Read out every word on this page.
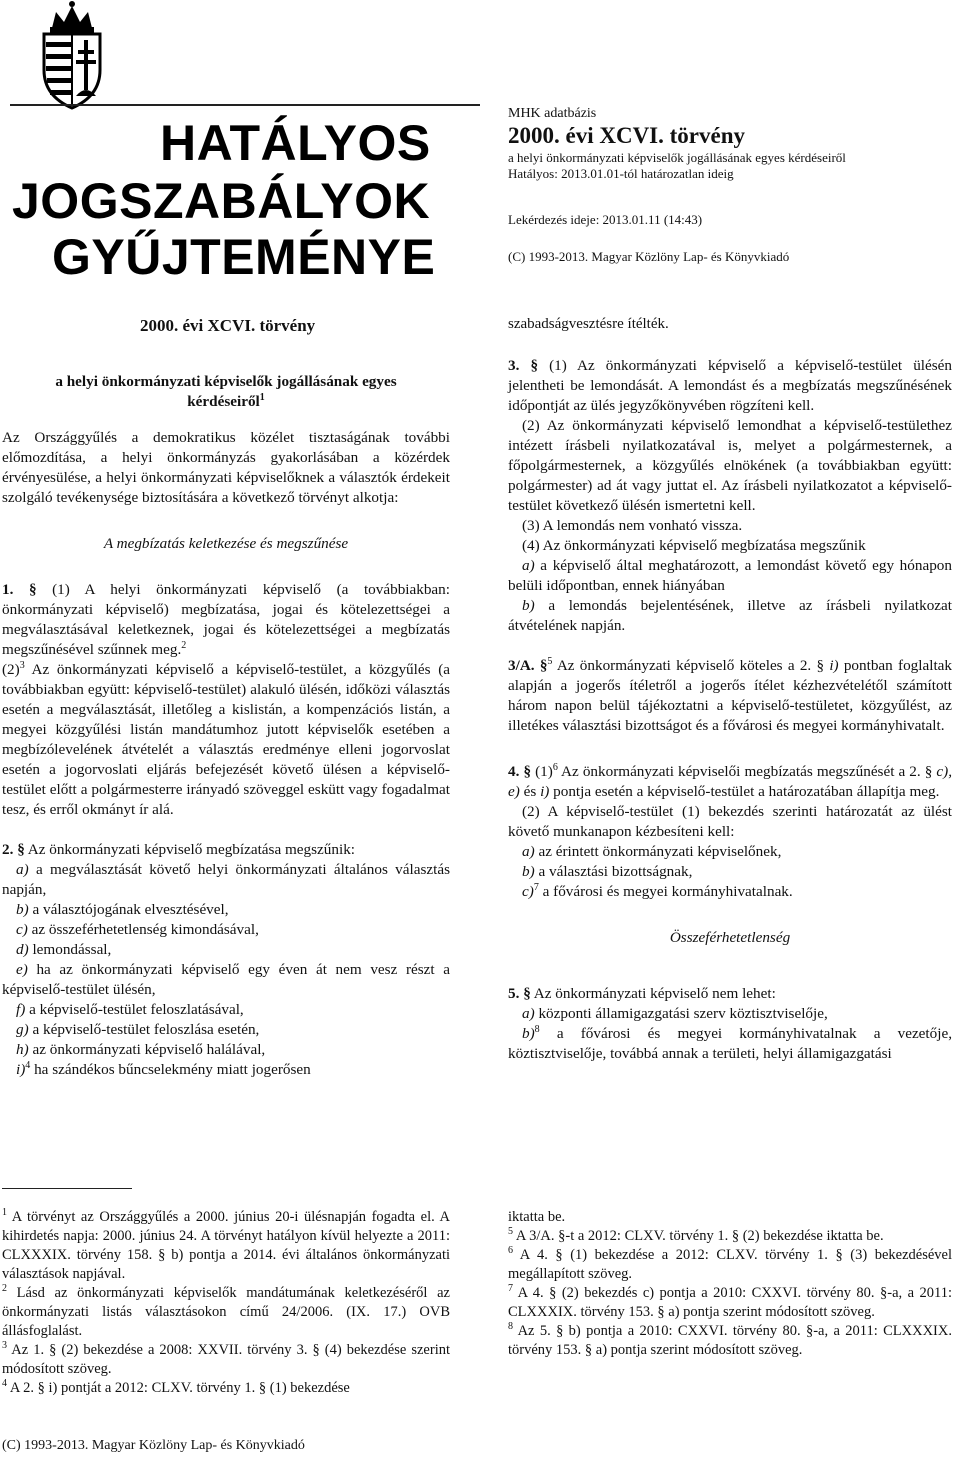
HATÁLYOS
JOGSZABÁLYOK
GYŰJTEMÉNYE
MHK adatbázis
2000. évi XCVI. törvény
a helyi önkormányzati képviselők jogállásának egyes kérdéseiről
Hatályos: 2013.01.01-tól határozatlan ideig
Lekérdezés ideje: 2013.01.11 (14:43)
(C) 1993-2013. Magyar Közlöny Lap- és Könyvkiadó
2000. évi XCVI. törvény	szabadságvesztésre ítélték.

a helyi önkormányzati képviselők jogállásának egyes
kérdéseiről$^1$

Az Országgyűlés a demokratikus közélet tisztaságának további előmozdítása, a helyi önkormányzás gyakorlásában a közérdek érvényesülése, a helyi önkormányzati képviselőknek a választók érdekeit szolgáló tevékenysége biztosítására a következő törvényt alkotja:

A megbízatás keletkezése és megszűnése

1. § (1) A helyi önkormányzati képviselő (a továbbiakban: önkormányzati képviselő) megbízatása, jogai és kötelezettségei a megválasztásával keletkeznek, jogai és kötelezettségei a megbízatás megszűnésével szűnnek meg.$^2$

$(2)^3$ Az önkormányzati képviselő a képviselő-testület, a közgyűlés (a továbbiakban együtt: képviselő-testület) alakuló ülésén, időközi választás esetén a megválasztását, illetőleg a kislistán, a kompenzációs listán, a megyei közgyűlési listán mandátumhoz jutott képviselők esetében a megbízólevelének átvételét a választás eredménye elleni jogorvoslat esetén a jogorvoslati eljárás befejezését követő ülésen a képviselő-testület előtt a polgármesterre irányadó szöveggel eskütt vagy fogadalmat tesz, és erről okmányt ír alá.

2. § Az önkormányzati képviselő megbízatása megszűnik:

a) a megválasztását követő helyi önkormányzati általános választás napján,

b) a választójogának elvesztésével,

c) az összeférhetetlenség kimondásával,

d) lemondással,

e) ha az önkormányzati képviselő egy éven át nem vesz részt a képviselő-testület ülésén,

f) a képviselő-testület feloszlatásával,

g) a képviselő-testület feloszlása esetén,

h) az önkormányzati képviselő halálával,

i)$^4$ ha szándékos bűncselekmény miatt jogerősen

3. § (1) Az önkormányzati képviselő a képviselő-testület ülésén jelentheti be lemondását. A lemondást és a megbízatás megszűnésének időpontját az ülés jegyzőkönyvében rögzíteni kell.

(2) Az önkormányzati képviselő lemondhat a képviselő-testülethez intézett írásbeli nyilatkozatával is, melyet a polgármesternek, a főpolgármesternek, a közgyűlés elnökének (a továbbiakban együtt: polgármester) ad át vagy juttat el. Az írásbeli nyilatkozatot a képviselő-testület következő ülésén ismertetni kell.

(3) A lemondás nem vonható vissza.

(4) Az önkormányzati képviselő megbízatása megszűnik

a) a képviselő által meghatározott, a lemondást követő egy hónapon belüli időpontban, ennek hiányában

b) a lemondás bejelentésének, illetve az írásbeli nyilatkozat átvételének napján.

3/A. §$^5$ Az önkormányzati képviselő köteles a 2. § i) pontban foglaltak alapján a jogerős ítéletről a jogerős ítélet kézhezvételétől számított három napon belül tájékoztatni a képviselő-testületet, közgyűlést, az illetékes választási bizottságot és a fővárosi és megyei kormányhivatalt.

4. § $(1)^6$ Az önkormányzati képviselői megbízatás megszűnését a 2. § c), e) és i) pontja esetén a képviselő-testület a határozatában állapítja meg.

(2) A képviselő-testület (1) bekezdés szerinti határozatát az ülést követő munkanapon kézbesíteni kell:

a) az érintett önkormányzati képviselőnek,

b) a választási bizottságnak,

c)$^7$ a fővárosi és megyei kormányhivatalnak.

Összeférhetetlenség

5. § Az önkormányzati képviselő nem lehet:

a) központi államigazgatási szerv köztisztviselője,

b)$^8$ a fővárosi és megyei kormányhivatalnak a vezetője, köztisztviselője, továbbá annak a területi, helyi államigazgatási

$^1$ A törvényt az Országgyűlés a 2000. június 20-i ülésnapján fogadta el. A kihirdetés napja: 2000. június 24. A törvényt hatályon kívül helyezte a 2011: CLXXXIX. törvény 158. § b) pontja a 2014. évi általános önkormányzati választások napjával.

$^2$ Lásd az önkormányzati képviselők mandátumának keletkezéséről az önkormányzati listás választásokon című 24/2006. (IX. 17.) OVB állásfoglalást.

$^3$ Az 1. § (2) bekezdése a 2008: XXVII. törvény 3. § (4) bekezdése szerint módosított szöveg.

$^4$ A 2. § i) pontját a 2012: CLXV. törvény 1. § (1) bekezdése

iktatta be.

$^5$ A 3/A. §-t a 2012: CLXV. törvény 1. § (2) bekezdése iktatta be.

$^6$ A 4. § (1) bekezdése a 2012: CLXV. törvény 1. § (3) bekezdésével megállapított szöveg.

$^7$ A 4. § (2) bekezdés c) pontja a 2010: CXXVI. törvény 80. §-a, a 2011: CLXXXIX. törvény 153. § a) pontja szerint módosított szöveg.

$^8$ Az 5. § b) pontja a 2010: CXXVI. törvény 80. §-a, a 2011: CLXXXIX. törvény 153. § a) pontja szerint módosított szöveg.

(C) 1993-2013. Magyar Közlöny Lap- és Könyvkiadó
